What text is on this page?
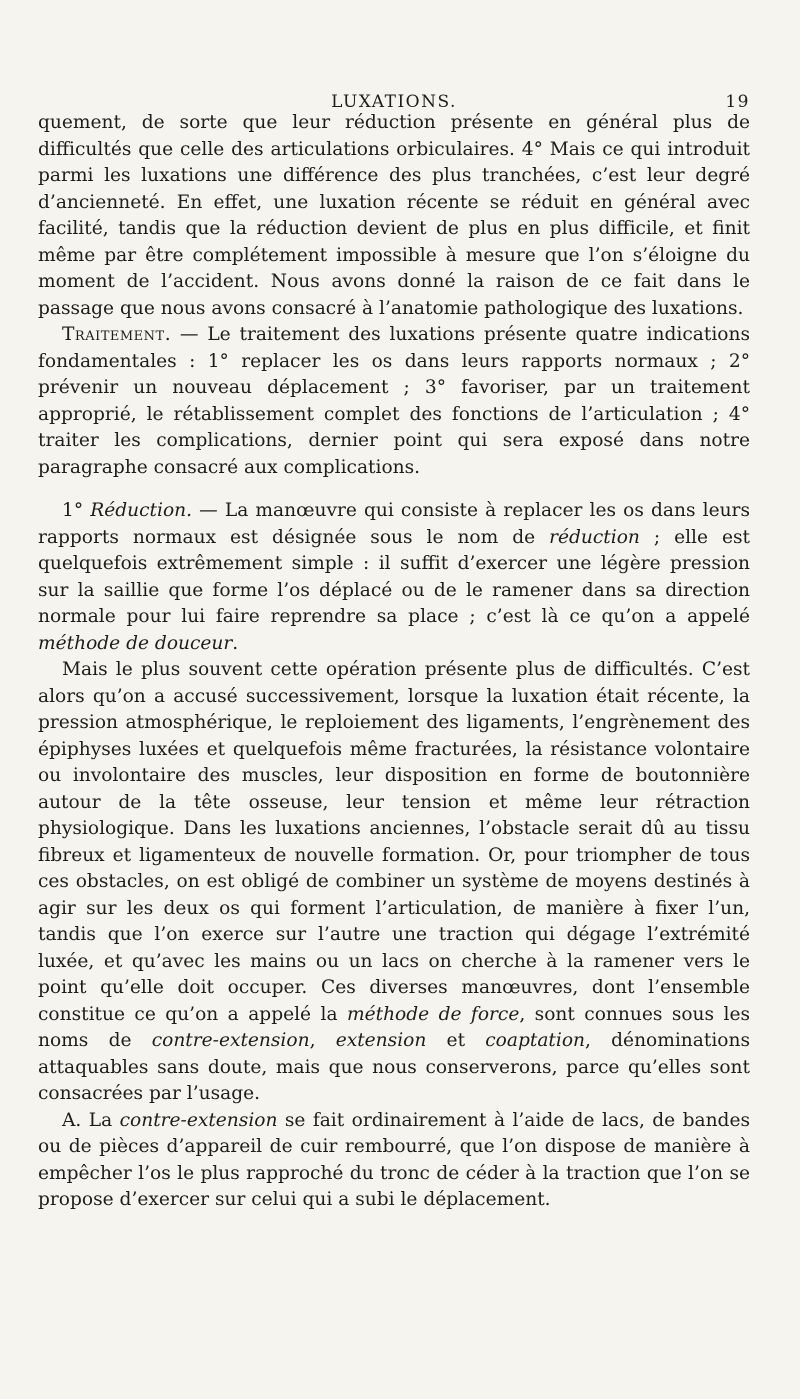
LUXATIONS.	19

quement, de sorte que leur réduction présente en général plus de difficultés que celle des articulations orbiculaires. 4° Mais ce qui introduit parmi les luxations une différence des plus tranchées, c’est leur degré d’ancienneté. En effet, une luxation récente se réduit en général avec facilité, tandis que la réduction devient de plus en plus difficile, et finit même par être complétement impossible à mesure que l’on s’éloigne du moment de l’accident. Nous avons donné la raison de ce fait dans le passage que nous avons consacré à l’anatomie pathologique des luxations.

Traitement. — Le traitement des luxations présente quatre indications fondamentales : 1° replacer les os dans leurs rapports normaux ; 2° prévenir un nouveau déplacement ; 3° favoriser, par un traitement approprié, le rétablissement complet des fonctions de l’articulation ; 4° traiter les complications, dernier point qui sera exposé dans notre paragraphe consacré aux complications.

1° Réduction. — La manœuvre qui consiste à replacer les os dans leurs rapports normaux est désignée sous le nom de réduction ; elle est quelquefois extrêmement simple : il suffit d’exercer une légère pression sur la saillie que forme l’os déplacé ou de le ramener dans sa direction normale pour lui faire reprendre sa place ; c’est là ce qu’on a appelé méthode de douceur.

Mais le plus souvent cette opération présente plus de difficultés. C’est alors qu’on a accusé successivement, lorsque la luxation était récente, la pression atmosphérique, le reploiement des ligaments, l’engrènement des épiphyses luxées et quelquefois même fracturées, la résistance volontaire ou involontaire des muscles, leur disposition en forme de boutonnière autour de la tête osseuse, leur tension et même leur rétraction physiologique. Dans les luxations anciennes, l’obstacle serait dû au tissu fibreux et ligamenteux de nouvelle formation. Or, pour triompher de tous ces obstacles, on est obligé de combiner un système de moyens destinés à agir sur les deux os qui forment l’articulation, de manière à fixer l’un, tandis que l’on exerce sur l’autre une traction qui dégage l’extrémité luxée, et qu’avec les mains ou un lacs on cherche à la ramener vers le point qu’elle doit occuper. Ces diverses manœuvres, dont l’ensemble constitue ce qu’on a appelé la méthode de force, sont connues sous les noms de contre-extension, extension et coaptation, dénominations attaquables sans doute, mais que nous conserverons, parce qu’elles sont consacrées par l’usage.

A. La contre-extension se fait ordinairement à l’aide de lacs, de bandes ou de pièces d’appareil de cuir rembourré, que l’on dispose de manière à empêcher l’os le plus rapproché du tronc de céder à la traction que l’on se propose d’exercer sur celui qui a subi le déplacement.
